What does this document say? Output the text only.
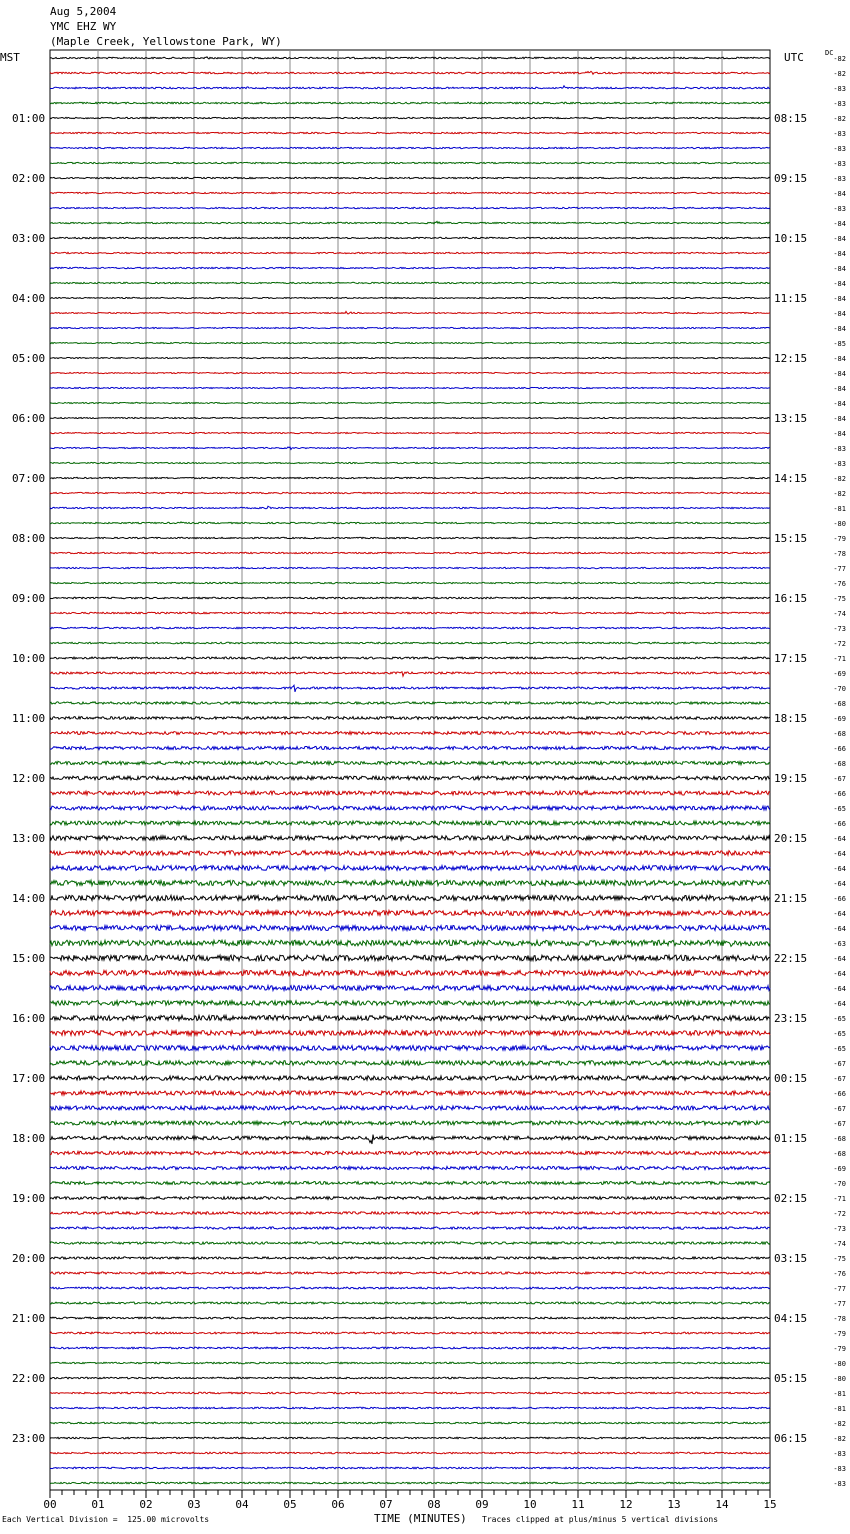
Aug 5,2004
YMC EHZ WY
(Maple Creek, Yellowstone Park, WY)
-82
-82
-83
-83
-82
-83
-83
-83
-83
-84
-83
-84
-84
-84
-84
-84
-84
-84
-84
-85
-84
-84
-84
-84
-84
-84
-83
-83
-82
-82
-81
-80
-79
-78
-77
-76
-75
-74
-73
-72
-71
-69
-70
-68
-69
-68
-66
-68
-67
-66
-65
-66
-64
-64
-64
-64
-66
-64
-64
-63
-64
-64
-64
-64
-65
-65
-65
-67
-67
-66
-67
-67
-68
-68
-69
-70
-71
-72
-73
-74
-75
-76
-77
-77
-78
-79
-79
-80
-80
-81
-81
-82
-82
-83
-83
-83
MST	UTC	DC
01:00
02:00
03:00
04:00
05:00
06:00
07:00
08:00
09:00
10:00
11:00
12:00
13:00
14:00
15:00
16:00
17:00
18:00
19:00
20:00
21:00
22:00
23:00
08:15
09:15
10:15
11:15
12:15
13:15
14:15
15:15
16:15
17:15
18:15
19:15
20:15
21:15
22:15
23:15
00:15
01:15
02:15
03:15
04:15
05:15
06:15
00	01	02	03	04	05	06	07	08	09	10	11	12	13	14	15
TIME (MINUTES)
Each Vertical Division =  125.00 microvolts	Traces clipped at plus/minus 5 vertical divisions
